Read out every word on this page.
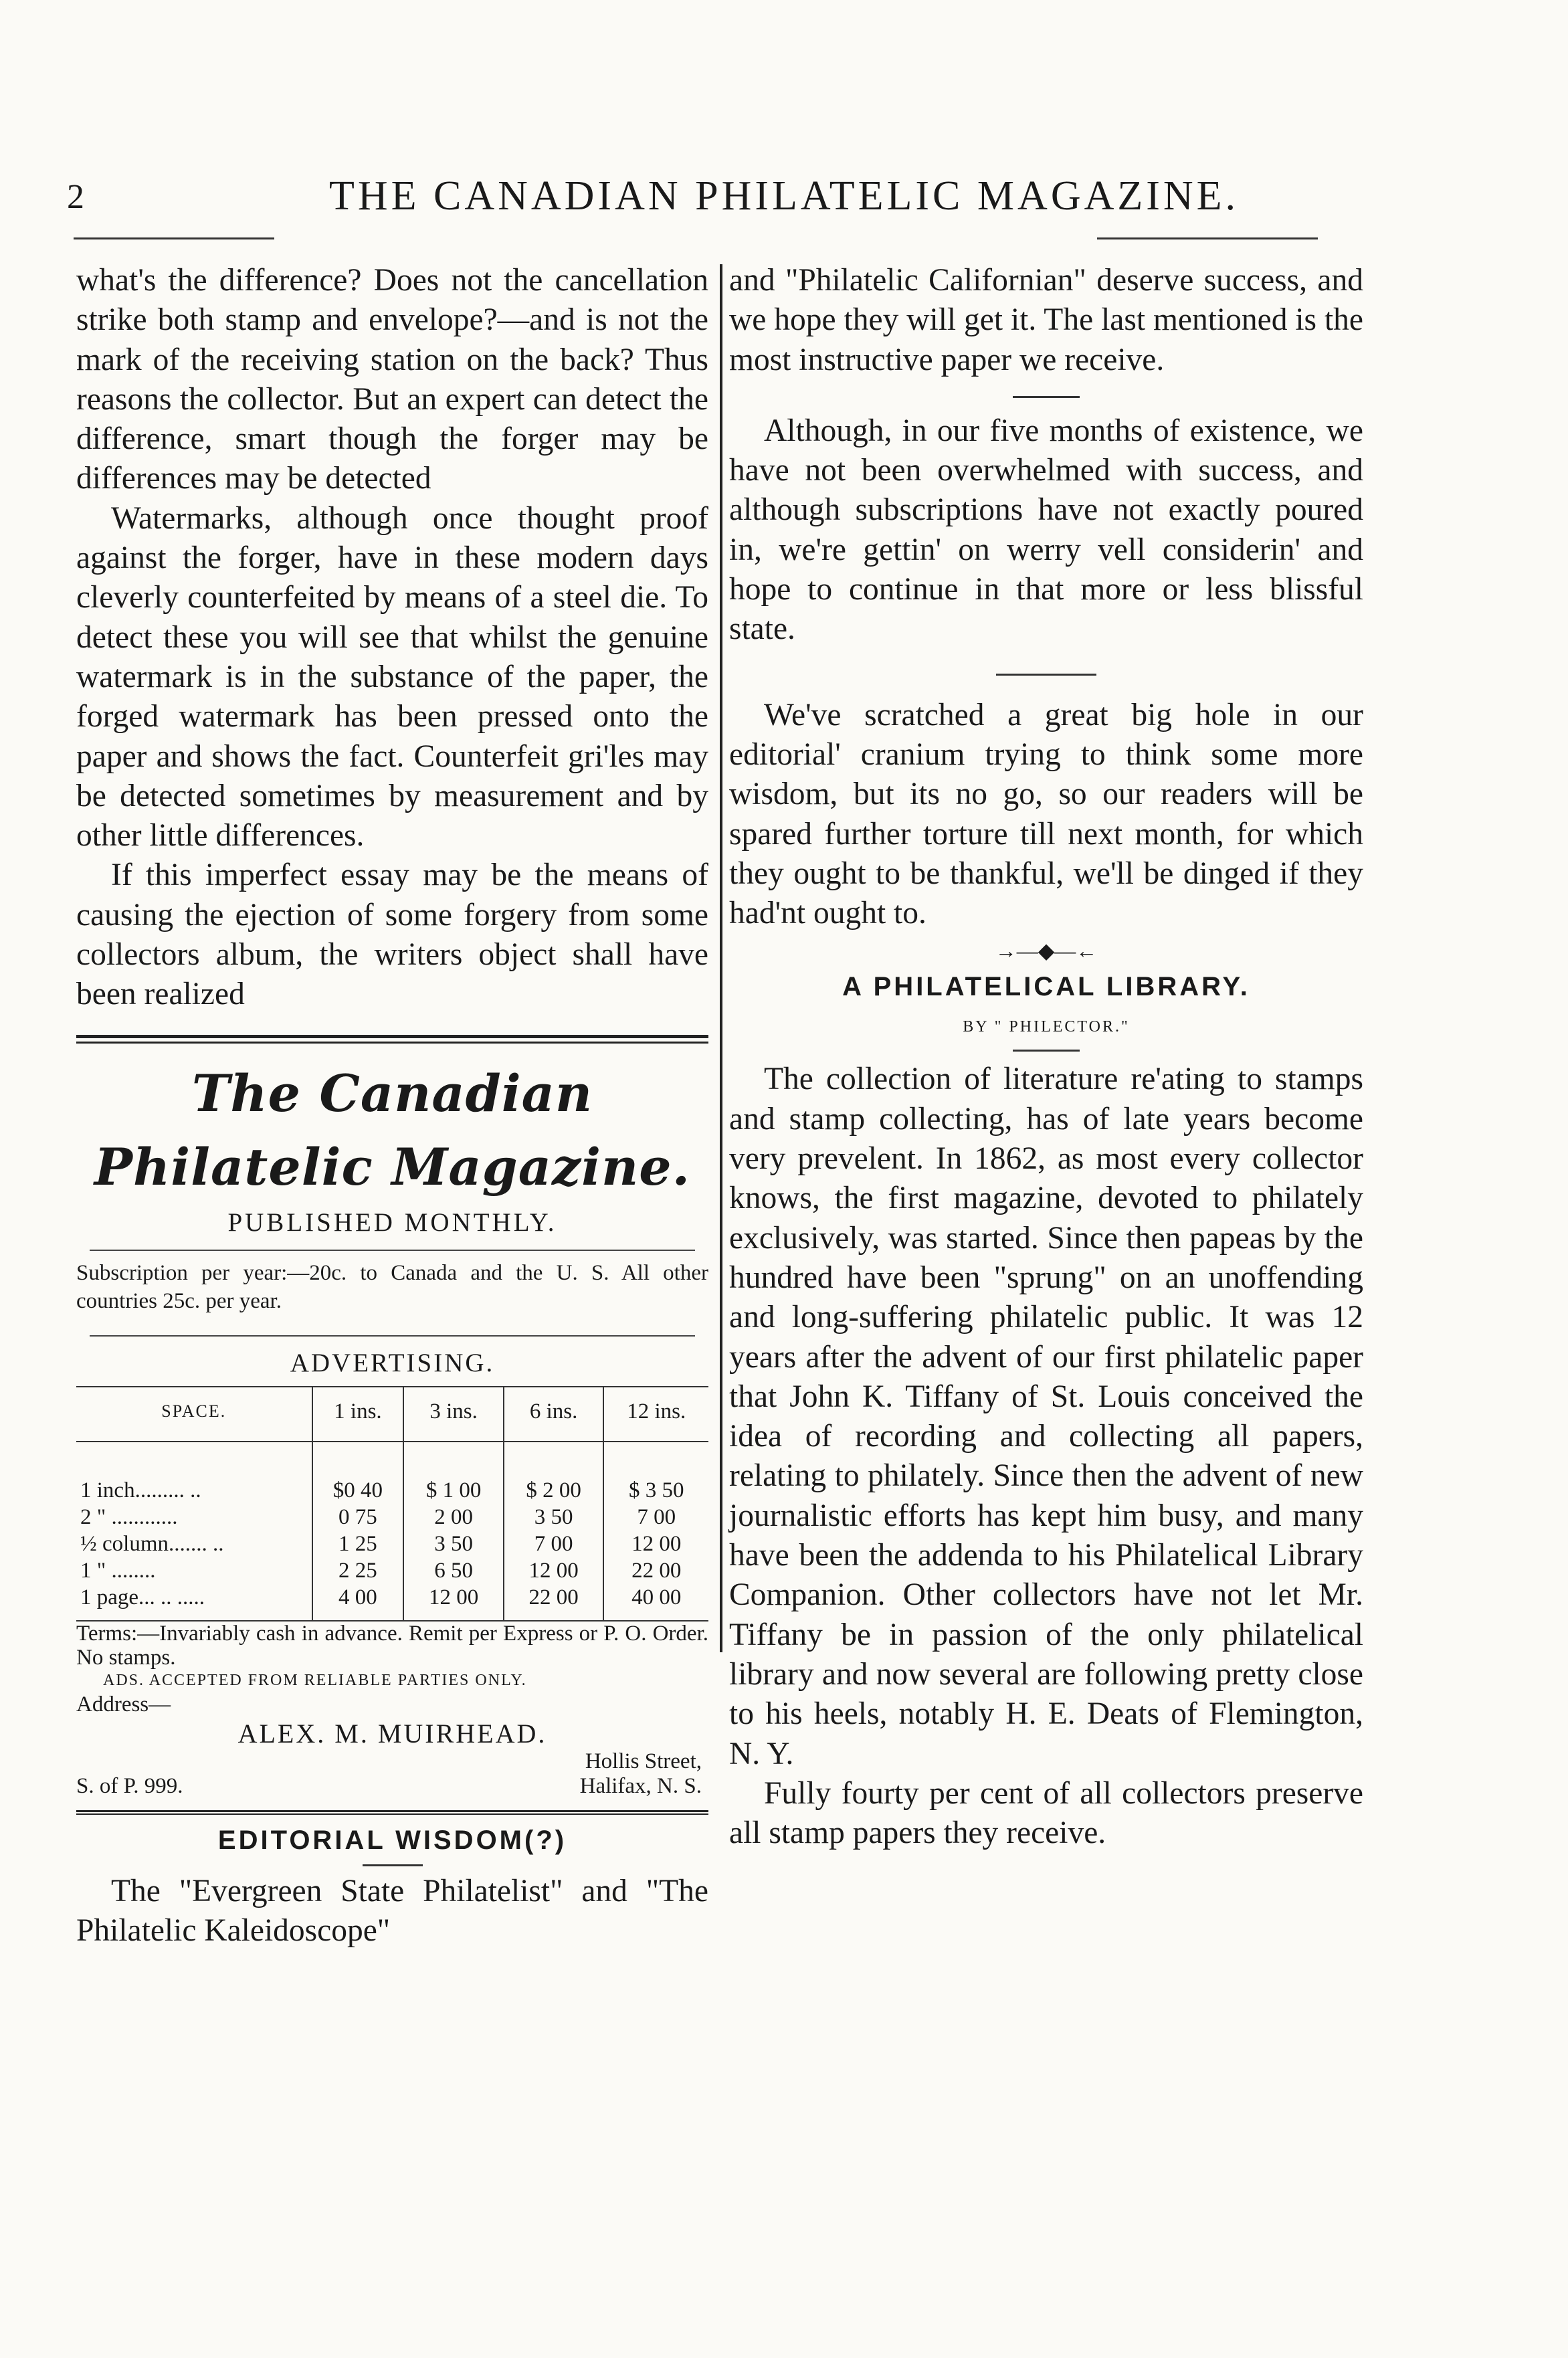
2	THE CANADIAN PHILATELIC MAGAZINE.

what's the difference? Does not the cancellation strike both stamp and envelope?—and is not the mark of the receiving station on the back? Thus reasons the collector. But an expert can detect the difference, smart though the forger may be differences may be detected

Watermarks, although once thought proof against the forger, have in these modern days cleverly counterfeited by means of a steel die. To detect these you will see that whilst the genuine watermark is in the substance of the paper, the forged watermark has been pressed onto the paper and shows the fact. Counterfeit gri'les may be detected sometimes by measurement and by other little differences.

If this imperfect essay may be the means of causing the ejection of some forgery from some collectors album, the writers object shall have been realized

The Canadian Philatelic Magazine.
PUBLISHED MONTHLY.

Subscription per year:—20c. to Canada and the U. S. All other countries 25c. per year.

ADVERTISING.
SPACE.	1 ins.	3 ins.	6 ins.	12 ins.
1 inch......... ..	$0 40	$ 1 00	$ 2 00	$ 3 50
2 " ............	0 75	2 00	3 50	7 00
½ column....... ..	1 25	3 50	7 00	12 00
1 " ........	2 25	6 50	12 00	22 00
1 page... .. .....	4 00	12 00	22 00	40 00

Terms:—Invariably cash in advance. Remit per Express or P. O. Order. No stamps.

ADS. ACCEPTED FROM RELIABLE PARTIES ONLY.
Address—
ALEX. M. MUIRHEAD.
Hollis Street,
S. of P. 999.	Halifax, N. S.
EDITORIAL WISDOM(?)

The "Evergreen State Philatelist" and "The Philatelic Kaleidoscope"

and "Philatelic Californian" deserve success, and we hope they will get it. The last mentioned is the most instructive paper we receive.

Although, in our five months of existence, we have not been overwhelmed with success, and although subscriptions have not exactly poured in, we're gettin' on werry vell considerin' and hope to continue in that more or less blissful state.

We've scratched a great big hole in our editorial' cranium trying to think some more wisdom, but its no go, so our readers will be spared further torture till next month, for which they ought to be thankful, we'll be dinged if they had'nt ought to.

→―◆―←
A PHILATELICAL LIBRARY.
BY " PHILECTOR."

The collection of literature re'ating to stamps and stamp collecting, has of late years become very prevelent. In 1862, as most every collector knows, the first magazine, devoted to philately exclusively, was started. Since then papeas by the hundred have been "sprung" on an unoffending and long-suffering philatelic public. It was 12 years after the advent of our first philatelic paper that John K. Tiffany of St. Louis conceived the idea of recording and collecting all papers, relating to philately. Since then the advent of new journalistic efforts has kept him busy, and many have been the addenda to his Philatelical Library Companion. Other collectors have not let Mr. Tiffany be in passion of the only philatelical library and now several are following pretty close to his heels, notably H. E. Deats of Flemington, N. Y.

Fully fourty per cent of all collectors preserve all stamp papers they receive.
